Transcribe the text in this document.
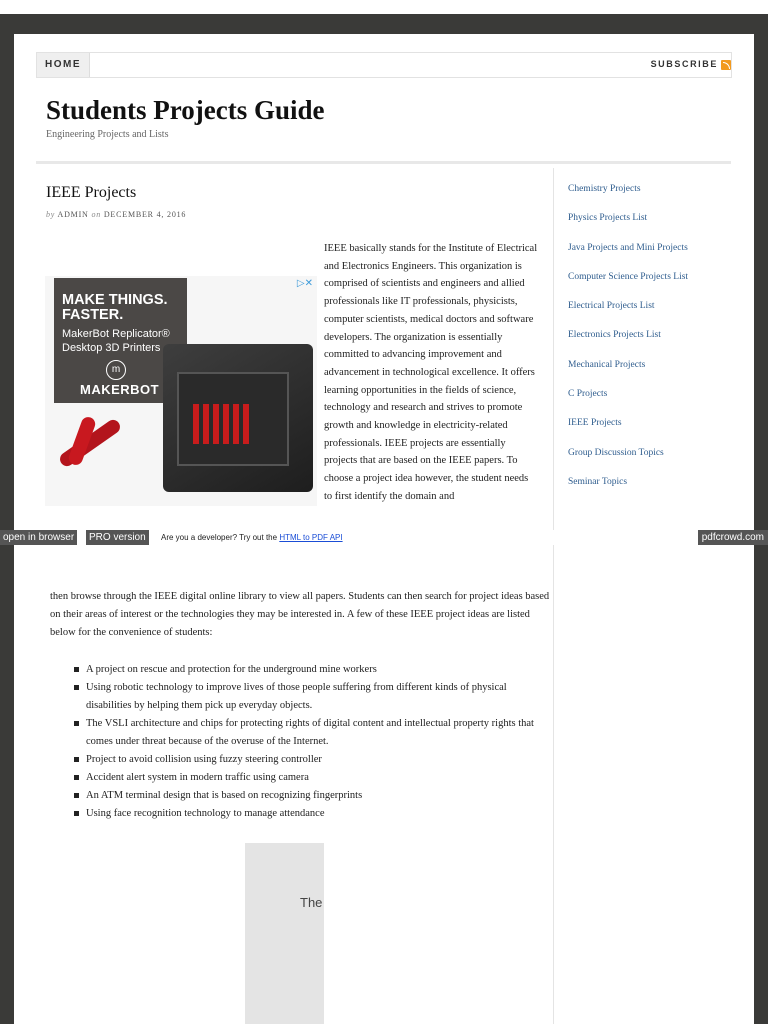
HOME	SUBSCRIBE
Students Projects Guide
Engineering Projects and Lists
IEEE Projects
by ADMIN on DECEMBER 4, 2016
MAKE THINGS. FASTER.
MakerBot Replicator® Desktop 3D Printers
m
MAKERBOT
▷✕
IEEE basically stands for the Institute of Electrical and Electronics Engineers. This organization is comprised of scientists and engineers and allied professionals like IT professionals, physicists, computer scientists, medical doctors and software developers. The organization is essentially committed to advancing improvement and advancement in technological excellence. It offers learning opportunities in the fields of science, technology and research and strives to promote growth and knowledge in electricity-related professionals. IEEE projects are essentially projects that are based on the IEEE papers. To choose a project idea however, the student needs to first identify the domain and
then browse through the IEEE digital online library to view all papers. Students can then search for project ideas based on their areas of interest or the technologies they may be interested in. A few of these IEEE project ideas are listed below for the convenience of students:
A project on rescue and protection for the underground mine workers
Using robotic technology to improve lives of those people suffering from different kinds of physical disabilities by helping them pick up everyday objects.
The VSLI architecture and chips for protecting rights of digital content and intellectual property rights that comes under threat because of the overuse of the Internet.
Project to avoid collision using fuzzy steering controller
Accident alert system in modern traffic using camera
An ATM terminal design that is based on recognizing fingerprints
Using face recognition technology to manage attendance
The
Chemistry Projects
Physics Projects List
Java Projects and Mini Projects
Computer Science Projects List
Electrical Projects List
Electronics Projects List
Mechanical Projects
C Projects
IEEE Projects
Group Discussion Topics
Seminar Topics
open in browser	PRO version	Are you a developer? Try out the HTML to PDF API	pdfcrowd.com
